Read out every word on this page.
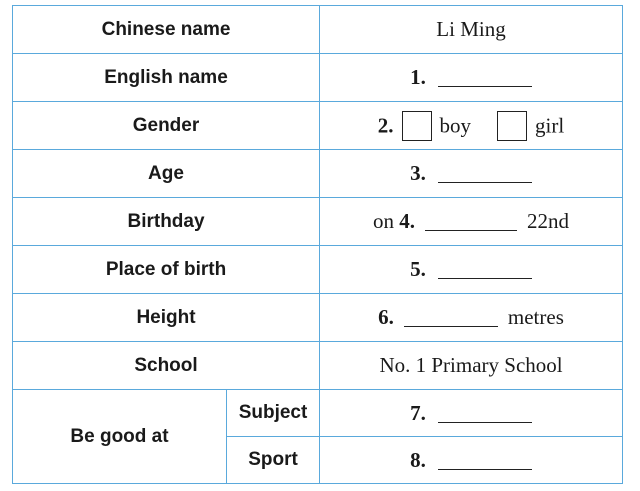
Chinese name		Li Ming
English name		1.
Gender		2. boy girl
Age		3.
Birthday		on 4. 22nd
Place of birth		5.
Height		6. metres
School		No. 1 Primary School
Be good at	Subject	7.
	Sport	8.
